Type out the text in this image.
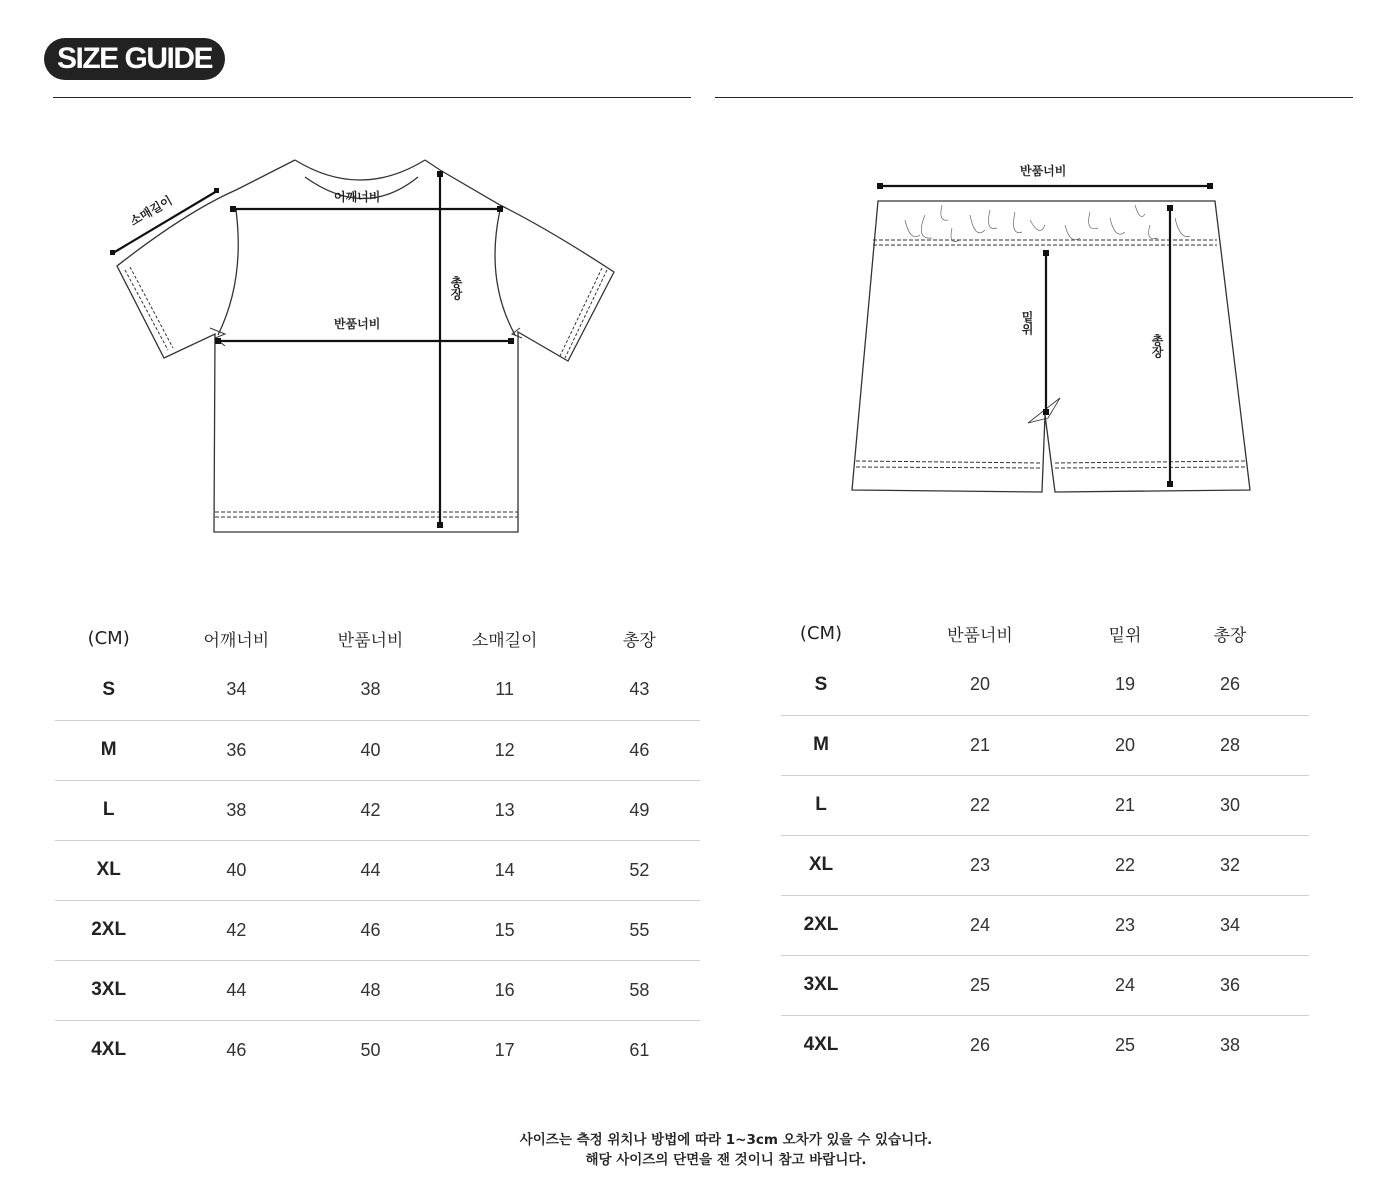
SIZE GUIDE
소매길이	어깨너비
반품너비
반품너비
총장
밑위
총장
(CM)	어깨너비	반품너비	소매길이	총장
S	34	38	11	43
M	36	40	12	46
L	38	42	13	49
XL	40	44	14	52
2XL	42	46	15	55
3XL	44	48	16	58
4XL	46	50	17	61
(CM)	반품너비	밑위	총장
S	20	19	26
M	21	20	28
L	22	21	30
XL	23	22	32
2XL	24	23	34
3XL	25	24	36
4XL	26	25	38
사이즈는 측정 위치나 방법에 따라 1~3cm 오차가 있을 수 있습니다.
해당 사이즈의 단면을 잰 것이니 참고 바랍니다.
